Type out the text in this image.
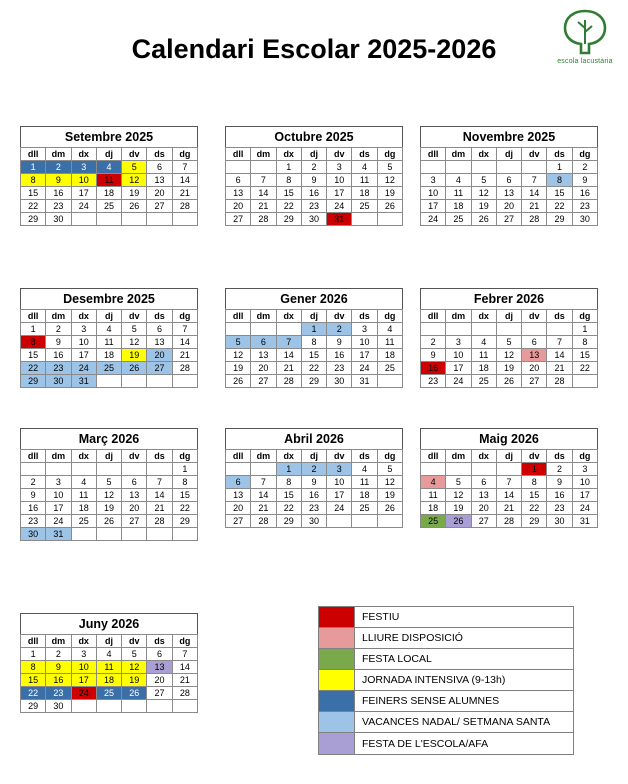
Calendari Escolar 2025-2026	escola lacustària
Setembre 2025
dll	dm	dx	dj	dv	ds	dg
1	2	3	4	5	6	7
8	9	10	11	12	13	14
15	16	17	18	19	20	21
22	23	24	25	26	27	28
29	30					
Octubre 2025
dll	dm	dx	dj	dv	ds	dg
		1	2	3	4	5
6	7	8	9	10	11	12
13	14	15	16	17	18	19
20	21	22	23	24	25	26
27	28	29	30	31		
Novembre 2025
dll	dm	dx	dj	dv	ds	dg
					1	2
3	4	5	6	7	8	9
10	11	12	13	14	15	16
17	18	19	20	21	22	23
24	25	26	27	28	29	30
Desembre 2025
dll	dm	dx	dj	dv	ds	dg
1	2	3	4	5	6	7
8	9	10	11	12	13	14
15	16	17	18	19	20	21
22	23	24	25	26	27	28
29	30	31				
Gener 2026
dll	dm	dx	dj	dv	ds	dg
			1	2	3	4
5	6	7	8	9	10	11
12	13	14	15	16	17	18
19	20	21	22	23	24	25
26	27	28	29	30	31	
Febrer 2026
dll	dm	dx	dj	dv	ds	dg
						1
2	3	4	5	6	7	8
9	10	11	12	13	14	15
16	17	18	19	20	21	22
23	24	25	26	27	28	
Març 2026
dll	dm	dx	dj	dv	ds	dg
						1
2	3	4	5	6	7	8
9	10	11	12	13	14	15
16	17	18	19	20	21	22
23	24	25	26	27	28	29
30	31					
Abril 2026
dll	dm	dx	dj	dv	ds	dg
		1	2	3	4	5
6	7	8	9	10	11	12
13	14	15	16	17	18	19
20	21	22	23	24	25	26
27	28	29	30			
Maig 2026
dll	dm	dx	dj	dv	ds	dg
				1	2	3
4	5	6	7	8	9	10
11	12	13	14	15	16	17
18	19	20	21	22	23	24
25	26	27	28	29	30	31
Juny 2026
dll	dm	dx	dj	dv	ds	dg
1	2	3	4	5	6	7
8	9	10	11	12	13	14
15	16	17	18	19	20	21
22	23	24	25	26	27	28
29	30					
FESTIU
LLIURE DISPOSICIÓ
FESTA LOCAL
JORNADA INTENSIVA (9-13h)
FEINERS SENSE ALUMNES
VACANCES NADAL/ SETMANA SANTA
FESTA DE L'ESCOLA/AFA
